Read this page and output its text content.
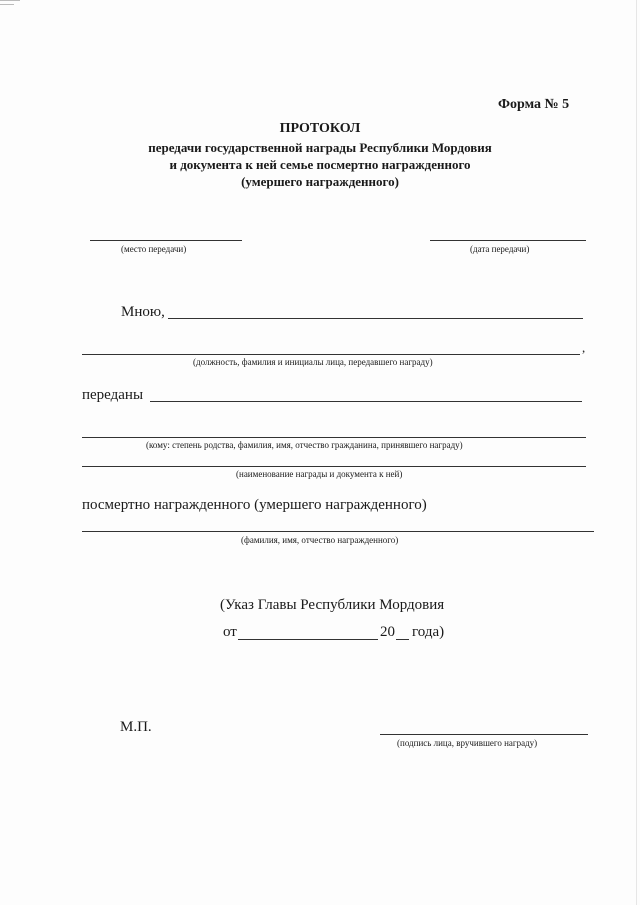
Форма № 5
ПРОТОКОЛ
передачи государственной награды Республики Мордовия
и документа к ней семье посмертно награжденного
(умершего награжденного)
(место передачи)	(дата передачи)
Мною,
,
(должность, фамилия и инициалы лица, передавшего награду)
переданы
(кому: степень родства, фамилия, имя, отчество гражданина, принявшего награду)
(наименование награды и документа к ней)
посмертно награжденного (умершего награжденного)
(фамилия, имя, отчество награжденного)
(Указ Главы Республики Мордовия
от	20 года)
М.П.
(подпись лица, вручившего награду)
